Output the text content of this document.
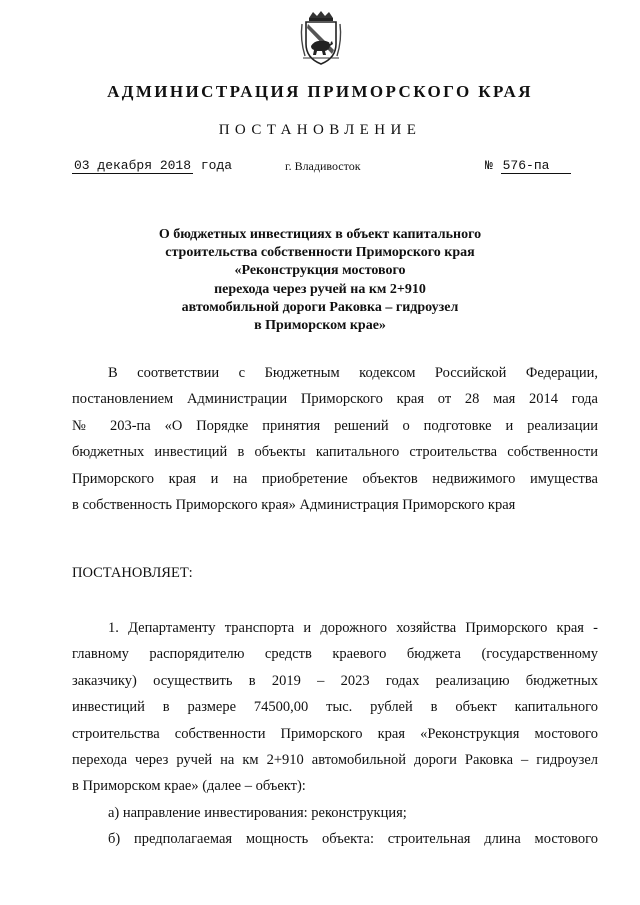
АДМИНИСТРАЦИЯ ПРИМОРСКОГО КРАЯ
ПОСТАНОВЛЕНИЕ
03 декабря 2018 года	г. Владивосток	№ 576-па
О бюджетных инвестициях в объект капитального
строительства собственности Приморского края
«Реконструкция мостового
перехода через ручей на км 2+910
автомобильной дороги Раковка – гидроузел
в Приморском крае»
В соответствии с Бюджетным кодексом Российской Федерации,
постановлением Администрации Приморского края от 28 мая 2014 года
№ 203-па «О Порядке принятия решений о подготовке и реализации
бюджетных инвестиций в объекты капитального строительства собственности
Приморского края и на приобретение объектов недвижимого имущества
в собственность Приморского края» Администрация Приморского края
ПОСТАНОВЛЯЕТ:
1. Департаменту транспорта и дорожного хозяйства Приморского края -
главному распорядителю средств краевого бюджета (государственному
заказчику) осуществить в 2019 – 2023 годах реализацию бюджетных
инвестиций в размере 74500,00 тыс. рублей в объект капитального
строительства собственности Приморского края «Реконструкция мостового
перехода через ручей на км 2+910 автомобильной дороги Раковка – гидроузел
в Приморском крае» (далее – объект):
а) направление инвестирования: реконструкция;
б) предполагаемая мощность объекта: строительная длина мостового
